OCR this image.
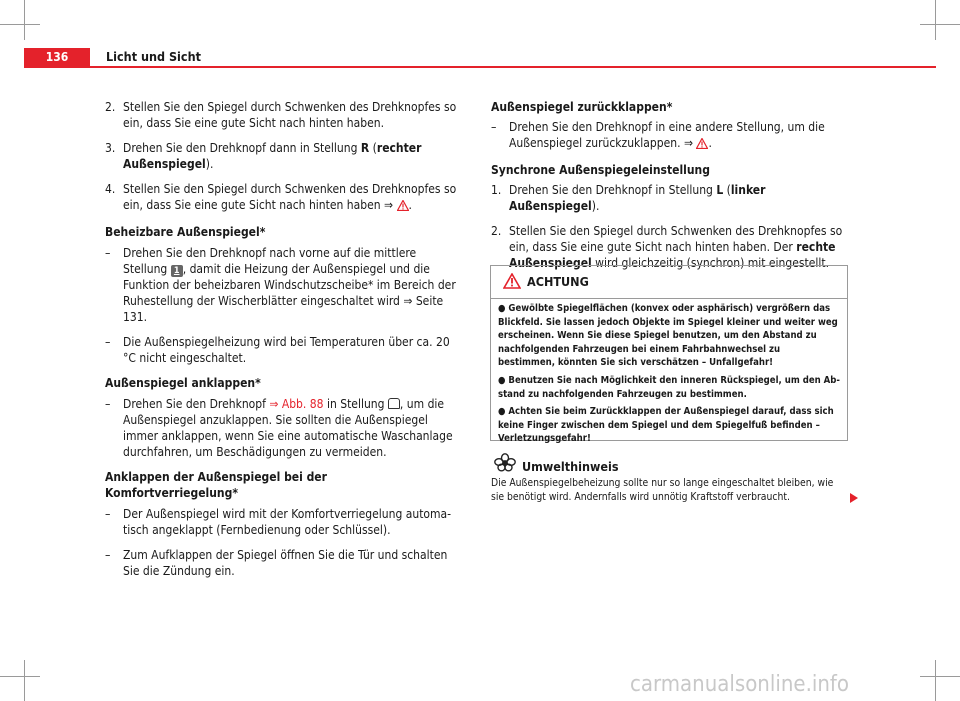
136	Licht und Sicht

2. Stellen Sie den Spiegel durch Schwenken des Drehknopfes so ein, dass Sie eine gute Sicht nach hinten haben.

3. Drehen Sie den Drehknopf dann in Stellung R (rechter Außenspiegel).

4. Stellen Sie den Spiegel durch Schwenken des Drehknopfes so ein, dass Sie eine gute Sicht nach hinten haben ⇒ .

Beheizbare Außenspiegel*

– Drehen Sie den Drehknopf nach vorne auf die mittlere Stellung 1 , damit die Heizung der Außenspiegel und die Funktion der beheizbaren Windschutzscheibe* im Bereich der Ruhestellung der Wischerblätter eingeschaltet wird ⇒ Seite 131.

– Die Außenspiegelheizung wird bei Temperaturen über ca. 20 °C nicht eingeschaltet.

Außenspiegel anklappen*

– Drehen Sie den Drehknopf ⇒ Abb. 88 in Stellung , um die Außenspiegel anzuklappen. Sie sollten die Außenspiegel immer anklappen, wenn Sie eine automatische Waschanlage durchfahren, um Beschädigungen zu vermeiden.

Anklappen der Außenspiegel bei der Komfortverriegelung*

– Der Außenspiegel wird mit der Komfortverriegelung automatisch angeklappt (Fernbedienung oder Schlüssel).

– Zum Aufklappen der Spiegel öffnen Sie die Tür und schalten Sie die Zündung ein.

Außenspiegel zurückklappen*

– Drehen Sie den Drehknopf in eine andere Stellung, um die Außenspiegel zurückzuklappen. ⇒ .

Synchrone Außenspiegeleinstellung

1. Drehen Sie den Drehknopf in Stellung L (linker Außenspiegel).

2. Stellen Sie den Spiegel durch Schwenken des Drehknopfes so ein, dass Sie eine gute Sicht nach hinten haben. Der rechte Außenspiegel wird gleichzeitig (synchron) mit eingestellt.

ACHTUNG

● Gewölbte Spiegelflächen (konvex oder asphärisch) vergrößern das Blickfeld. Sie lassen jedoch Objekte im Spiegel kleiner und weiter weg erscheinen. Wenn Sie diese Spiegel benutzen, um den Abstand zu nachfolgenden Fahrzeugen bei einem Fahrbahnwechsel zu bestimmen, könnten Sie sich verschätzen – Unfallgefahr!

● Benutzen Sie nach Möglichkeit den inneren Rückspiegel, um den Abstand zu nachfolgenden Fahrzeugen zu bestimmen.

● Achten Sie beim Zurückklappen der Außenspiegel darauf, dass sich keine Finger zwischen dem Spiegel und dem Spiegelfuß befinden – Verletzungsgefahr!

Umwelthinweis
Die Außenspiegelbeheizung sollte nur so lange eingeschaltet bleiben, wie sie benötigt wird. Andernfalls wird unnötig Kraftstoff verbraucht.
carmanualsonline.info
